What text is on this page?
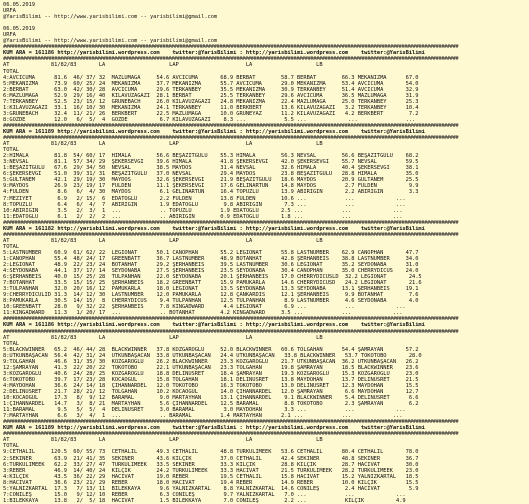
06.05.2019
URFA
@YarisBilimi -- http://www.yarisbilimi.com -- yarisbilimi@gmail.com
06.05.2019
URFA
@YarisBilimi -- http://www.yarisbilimi.com -- yarisbilimi@gmail.com
################################################################################################################################################################
KUM ARA = 161186 http://yarisbilimi.wordpress.com    twitter:@YarisBilimi : http://yarisbilimi.wordpress.com    twitter:@YarisBilimi
################################################################################################################################################################
AT             81/82/83       LA                    LAP                     LA                    LB
TOTAL
4:AVCICUMA      81.6  46/ 37/ 32  MAZLUMAĞA     54.6 AVCICUMA       68.9 BERBAT        58.7 BERBAT        66.3 MEKANİZMA      67.0
5:MEKANİZMA     73.9  60/ 25/ 24  MEKANİZMA     37.7 MEKANİZMA      55.7 AVCICUMA      29.0 MEKANİZMA     53.4 AVCICUMA       54.0
2:BERBAT        63.0  42/ 30/ 28  AVCICUMA      29.6 TERKANBEY      35.5 MEKANİZMA     30.9 TERKANBEY     51.4 AVCICUMA       32.9
6:MAZLUMAĞA     52.9  29/ 16/ 40  KILAVUZAGAZI  28.1 BERBAT         25.5 TERKANBEY     29.6 AVCICUMA      36.5 MAZLUMAĞA      31.9
7:TERKANBEY     52.5  23/ 15/ 12  GRÜNEBACH     26.0 KILAVUZAGAZI   24.8 MEKANİZMA     22.4 MAZLUMAĞA     25.0 TERKANBEY      25.3
1:KILAVUZAGAZI  33.1  16/ 10/ 30  MEKANİZMA     24.1 TERKANBEY      11.0 BERKBERT      13.6 KILAVUZAGAZI   3.2 TERKANBEY      10.4
3:GRÜNEBACH     32.4  11/ 21/ 26  BERKBERT      22.5 MAZLUMAĞA      10.0 GRÜNEYAZ      11.2 KILAVUZAGAZI   4.2 BERKBERT        7.2
8:GÖZDE         12.0   6/  5/  4  GÖZDE          6.7 KILAVUZAGAZI    8.3 ...            5.5 ...             ...               ...
################################################################################################################################################################
KUM ARA = 161189 http://yarisbilimi.wordpress.com    twitter:@YarisBilimi : http://yarisbilimi.wordpress.com    twitter:@YarisBilimi
################################################################################################################################################################
AT             81/82/83       LA                    LAP                     LA                    LB
TOTAL
2:HIMALA        81.8  54/ 60/ 17  HIMALA        56.6 BEŞAZİTGÜLÜ    55.3 HIMALA        56.3 NEVSAL        56.6 BEŞAZİTGÜLÜ    68.2
3:NEVSAL        81.1  57/ 34/ 29  ŞEKERSEVGİ    39.6 HIMALA         41.8 ŞEKERSEVGİ    42.0 ŞEKERSEVGİ    55.7 NEVSAL         59.5
1:BEŞAZİTGÜLÜ   67.6  29/ 34/ 50  NEVSAL        38.5 MAYDOS         31.4 NEVSAL        32.6 HIMALA        40.4 ŞEKERSEVGİ     38.1
6:ŞEKERSEVGİ    51.0  39/ 31/ 31  BEŞAZİTGÜLÜ   37.0 NEVSAL         29.4 MAYDOS        23.8 BEŞAZİTGÜLÜ   28.8 HIMALA         35.0
5:GÜLTANEM      42.1  29/ 19/ 30  MAYDOS        32.6 ŞEKERSEVGİ     21.9 BEŞAZİTGÜLÜ   18.6 MAYDOS        20.9 GÜLTANEM       25.5
9:MAYDOS        26.9  23/ 19/ 17  FULDEN        11.1 ŞEKERSEVGİ     17.6 GELİNARTUN    14.8 MAYDOS         2.7 FULDEN          9.9
4:FULDEN         8.6   6/  4/ 30  MAYDOS         6.1 GELİNARTUN     16.4 TOPUZLU       13.9 ABİRİGİN       2.2 ABİRİGİN        3.3
7:MEZİYET        6.9   2/ 15/  6  EDATOĞLU       2.2 FULDEN         13.8 FULDEN        10.6 ...            ...             ...
8:TOPUZLU        6.4   6/  4/  7  ABİRİGİN       1.9 EDATOĞLU        9.8 ABİRİGİN       7.3 ...            ...             ...
10:ABİRİGİN      3.5   2/  3/  1  ...            .. TOPUZLU         1.9 EDATOĞLU       2.5 ...            ...             ...
11:EDATOĞLU      6.1   2/  2/  2  ...            .. ABİRİGİN        0.9 EDATOĞLU       1.8 ...            ...             ...
################################################################################################################################################################
KUM ARA = 161182 http://yarisbilimi.wordpress.com    twitter:@YarisBilimi : http://yarisbilimi.wordpress.com    twitter:@YarisBilimi
################################################################################################################################################################
AT             81/82/83       LA                    LAP                     LA                    LB
TOTAL
5:LASTNUMBER    60.9  61/ 62/ 22  LEGIONAT      50.1 CANOPHAN       55.2 LEGIONAT      55.8 LASTNUMBER    62.9 CANOPHAN       47.7
1:CANOPHAN      55.4  48/ 24/ 17  GREENBATT     36.7 LASTNUMBER     48.9 BOTANHAT      42.8 ŞERHANBEİS    38.8 LASTNUMBER     34.0
2:LEGIONAT      48.9  22/ 23/ 24  BOTANHAT      29.2 ŞERHANBEİS     39.5 LASTNUMBER    30.6 LEGIONAT      35.2 SEYDONABA      31.0
4:SEYDONABA     44.1  37/ 17/ 14  SEYDONABA     27.5 ŞERHANBEİS     23.5 SEYDONABA     30.4 CANOPHAN      35.0 CHERRYDİCUS    24.0
6:ŞERHANBEİS    40.0  15/ 25/ 28  TULPANHAN     22.0 SEYDONABA      20.1 ŞERHANBEİS    17.0 CHERRYDİCUSLD  32.2 LEGIONAT       24.5
7:BOTANHAT      33.5  15/ 15/ 25  ŞERHANBEİS    18.2 GREENBATT      15.9 PAMUKARLA     14.6 CHERRYDİCUSD   24.2 LEGIONAT       21.6
3:TULPANHAN     32.0  20/ 16/ 12  PAMUKARLA     18.0 LEGIONAT       13.5 SEYDONABA     13.3 SEYDONABA     13.1 ŞERHANBEİS     19.1
9:CHERRYDİCULID 31.3  14/ 12/ 30  LASTNUMBER    12.0 PAMUKARLA      12.8 ÇANKARDİS     12.1 ŞERHANBEİS     9.9 BOTANHAT        7.6
8:PAMUKARLA     30.5  14/ 15/  8  CHERRYDİCUS    9.4 TULPANHAN      12.5 TULPANHAN      8.9 LASTNUMBER     4.6 SEYDONABA       4.0
10:GREENBATT    28.0   9/ 32/ 22  ŞERHANBEİS     7.8 KINGADWARD      4.4 LEGIONAT       6.9 ...            ...             ...
11:KINGADWARD   11.3   1/ 20/ 17  ...            .. BOTANHAT        4.2 KINGADWARD     3.5 ...            ...             ...
################################################################################################################################################################
KUM ARA = 161186 http://yarisbilimi.wordpress.com    twitter:@YarisBilimi : http://yarisbilimi.wordpress.com    twitter:@YarisBilimi
################################################################################################################################################################
AT             81/82/83       LA                    LAP                     LA                    LB
TOTAL
5:BLACKWINNER   65.2  46/ 44/ 28  BLACKWINNER   37.8 KOZGAROGLU     52.0 BLACKWINNER   60.6 TOLGAHAN      54.4 ŞAMRAYAN       57.2
8:UTKUNBAŞACAN  56.4  42/ 31/ 24  UTKUNBAŞACAN  33.8 UTKUNBAŞACAN   24.4 UTKUNBAŞACAN   33.8 BLACKWINNER   53.7 TOKOTOBO       28.0
9:TOLGAHAN      46.6  31/ 35/ 30  KOZGAROGLU    26.2 BLACKWINNER    23.3 KOZGAROGLU    21.7 UTKUNBAŞACAN  36.2 UTKUNBAŞACAN   26.2
12:ŞAMRAYAN     41.3  22/ 20/ 22  TOKOTOBO      22.1 UTKUNBAŞACAN   23.3 TOLGAHAN      19.8 ŞAMRAYAN      18.5 BLACKWINNER    23.6
3:KOZGAROGLU    40.6  24/ 28/ 25  KOZGAROGLU    18.8 DELİNUSRET     18.4 ŞAMRAYAN      19.3 KOZGAROGLU    15.3 KOZGAROGLU     23.0
6:TOKOTOBO      39.7  17/ 23/ 28  KOCAOGUL      15.8 TOLGAHAN       18.1 DELİNUSRET    13.8 MAYDOHAN      13.7 DELİNUSRET     21.5
4:MAYDOHAN      36.6  24/ 14/ 18  ÇIHANNARDEL   12.0 TOKOTOBO       16.3 TOKOTOBO      13.0 DELİNUSRET    12.3 MAYDOHAN       15.5
2:DELİNUSRET    21.7  28/ 21/ 12  TOLGAHAN      10.2 KOCAOGUL       14.0 ÇIHANNARDEL   12.0 ŞAMRAYAN       6.6 MAYDOHAN       12.7
10:KOCAOGUL     17.3   8/  9/ 12  BARAMAL        9.0 MARTAYHAN      13.1 ÇIHANNARDEL    9.1 BLACKWINNER    5.4 DELİNUSRET      6.6
1:ÇIHANNARDEL   14.7   3/  8/ 21  MARTAYHAN      5.6 ÇIHANNARDEL    12.5 BARAMAL        8.8 TOKOTOBO       2.3 ŞAMRAYAN        6.2
11:BARAMAL       9.5   5/  5/  4  DELİNUSRET     3.0 BARAMAL         3.0 MAYDOHAN       3.3 ...            ...             ...
7:MARTAYHAN      6.6   3/  4/  1  ...            .. BARAMAL         1.4 MARTAYHAN      2.1 ...            ...             ...
################################################################################################################################################################
KUM ARA = 161189 http://yarisbilimi.wordpress.com    twitter:@YarisBilimi : http://yarisbilimi.wordpress.com    twitter:@YarisBilimi
################################################################################################################################################################
AT             81/82/83       LA                    LAP                     LA                    LB
TOTAL
9:CETHALİL     120.5  60/ 55/ 73  CETHALİL      49.3 CETHALİL       48.8 TÜRKÜLİMEEK   53.6 CETHALİL      80.4 CETHALİL       78.0
2:SEKİNER       63.9  21/ 41/ 35  SEKİNER       43.6 KILÇIK         37.0 CETHALİL      42.4 SEKİNER       48.8 SEKİNER        36.7
6:TÜRKÜLİMEEK   62.2  33/ 27/ 47  TÜRKÜLİMEEK   33.5 SEKİNER        33.3 KILÇIK        28.8 KILÇIK        28.7 HACIVAT        30.0
3:REBER         46.9  14/ 40/ 24  KILÇIK        24.2 TÜRKÜLİMEEK    33.3 HACIVAT       21.5 TÜRKÜLİMEEK   28.2 TÜRKÜLİMEEK    23.0
4:KILÇIK        43.5  36/ 22/ 29  HACIVAT       19.0 REBER          19.5 CETHALİL      15.8 HACIVAT       15.2 YALNIZKARTAL   18.5
8:HACIVAT       36.6  23/ 21/ 29  REBER         18.0 HACIVAT        19.4 REBER         14.9 REBER         10.0 KILÇIK         15.5
5:YALNIZKARTAL  17.3   7/ 13/ 11  BİLEKKAYA      9.6 YALNIZKARTAL    8.8 YALNIZKARTAL  14.6 CONİLEŞ        2.4 HACIVAT         5.9
7:CONİLEŞ       15.0   9/ 12/ 10  REBER          6.3 CONİLEŞ         9.7 YALNIZKARTAL   7.0 ...            ...             ...
1:BİLEKKAYA     13.8   2/  5/ 18  HACIVAT        1.5 BİLEKKAYA       7.0 CONİLEŞ        2.2 ...            KILÇIK          4.9
